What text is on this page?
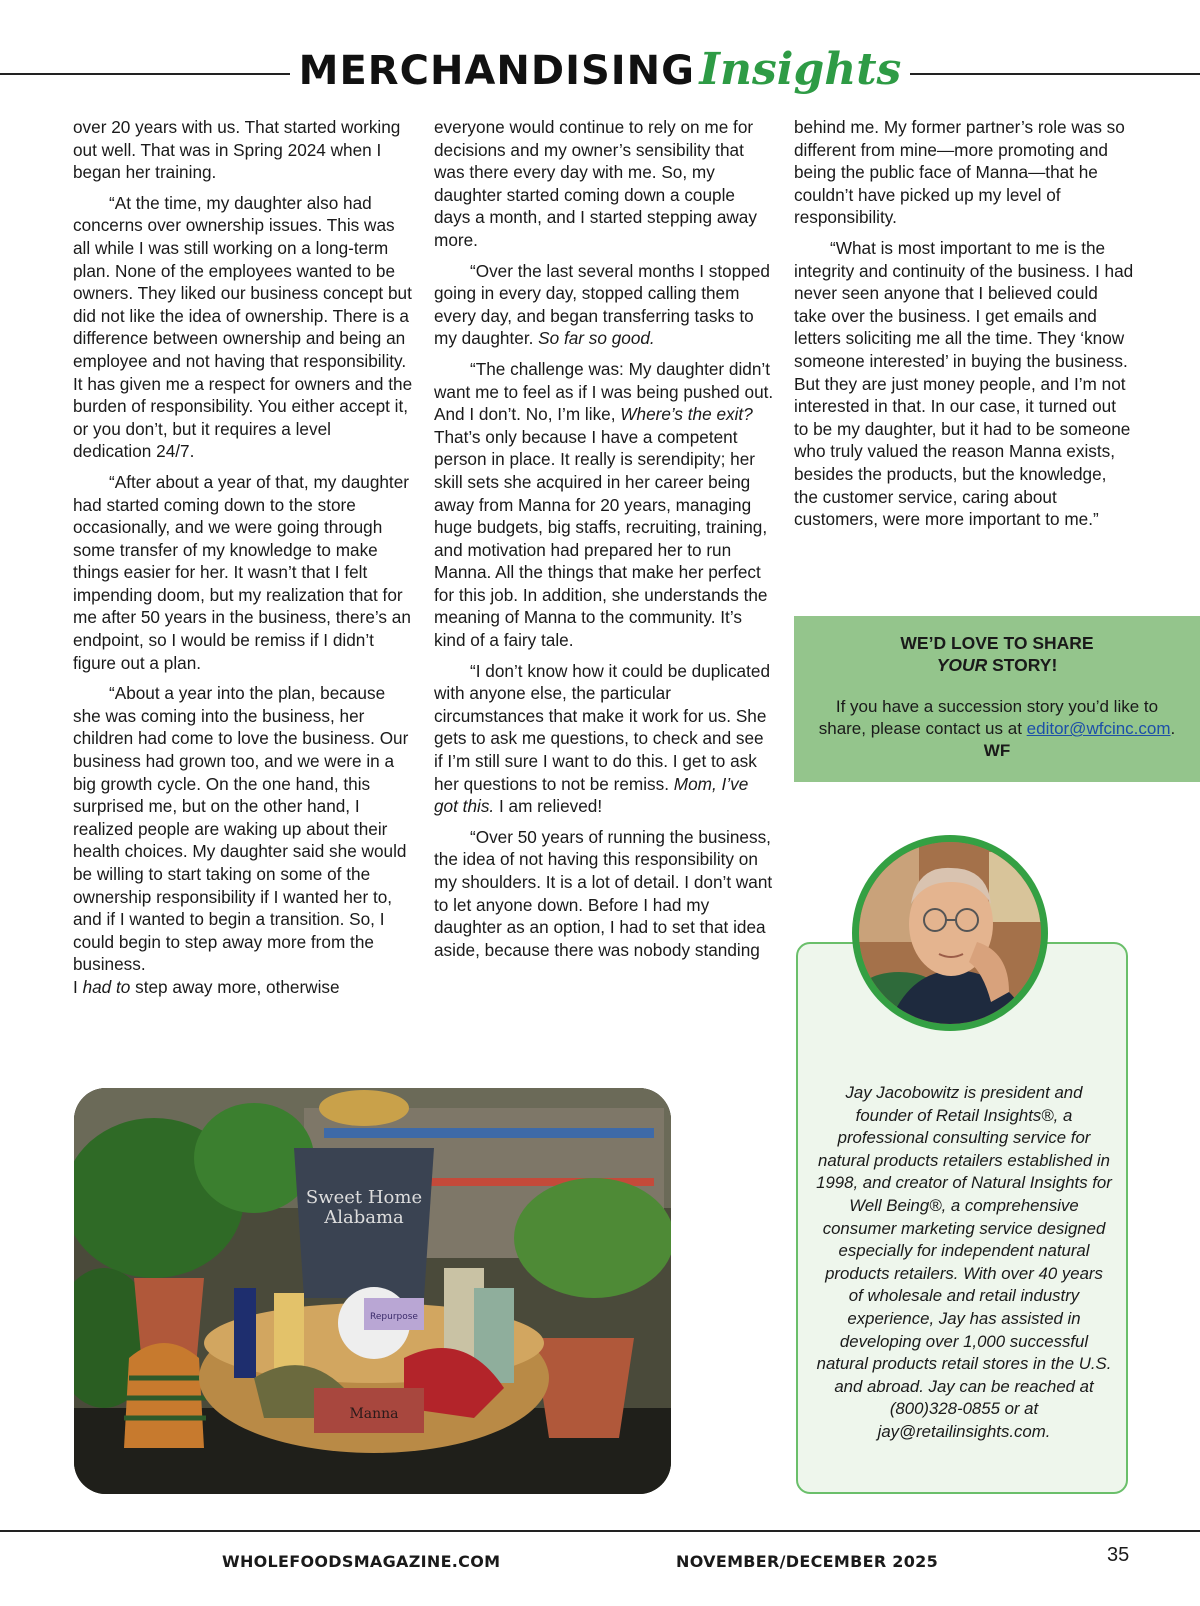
MERCHANDISING Insights

over 20 years with us. That started working out well. That was in Spring 2024 when I began her training.

“At the time, my daughter also had concerns over ownership issues. This was all while I was still working on a long-term plan. None of the employees wanted to be owners. They liked our business concept but did not like the idea of ownership. There is a difference between ownership and being an employee and not having that responsibility. It has given me a respect for owners and the burden of responsibility. You either accept it, or you don’t, but it requires a level dedication 24/7.

“After about a year of that, my daughter had started coming down to the store occasionally, and we were going through some transfer of my knowledge to make things easier for her. It wasn’t that I felt impending doom, but my realization that for me after 50 years in the business, there’s an endpoint, so I would be remiss if I didn’t figure out a plan.

“About a year into the plan, because she was coming into the business, her children had come to love the business. Our business had grown too, and we were in a big growth cycle. On the one hand, this surprised me, but on the other hand, I realized people are waking up about their health choices. My daughter said she would be willing to start taking on some of the ownership responsibility if I wanted her to, and if I wanted to begin a transition. So, I could begin to step away more from the business.
I had to step away more, otherwise

everyone would continue to rely on me for decisions and my owner’s sensibility that was there every day with me. So, my daughter started coming down a couple days a month, and I started stepping away more.

“Over the last several months I stopped going in every day, stopped calling them every day, and began transferring tasks to my daughter. So far so good.

“The challenge was: My daughter didn’t want me to feel as if I was being pushed out. And I don’t. No, I’m like, Where’s the exit? That’s only because I have a competent person in place. It really is serendipity; her skill sets she acquired in her career being away from Manna for 20 years, managing huge budgets, big staffs, recruiting, training, and motivation had prepared her to run Manna. All the things that make her perfect for this job. In addition, she understands the meaning of Manna to the community. It’s kind of a fairy tale.

“I don’t know how it could be duplicated with anyone else, the particular circumstances that make it work for us. She gets to ask me questions, to check and see if I’m still sure I want to do this. I get to ask her questions to not be remiss. Mom, I’ve got this. I am relieved!

“Over 50 years of running the business, the idea of not having this responsibility on my shoulders. It is a lot of detail. I don’t want to let anyone down. Before I had my daughter as an option, I had to set that idea aside, because there was nobody standing

behind me. My former partner’s role was so different from mine—more promoting and being the public face of Manna—that he couldn’t have picked up my level of responsibility.

“What is most important to me is the integrity and continuity of the business. I had never seen anyone that I believed could take over the business. I get emails and letters soliciting me all the time. They ‘know someone interested’ in buying the business. But they are just money people, and I’m not interested in that. In our case, it turned out to be my daughter, but it had to be someone who truly valued the reason Manna exists, besides the products, but the knowledge, the customer service, caring about customers, were more important to me.”

WE’D LOVE TO SHARE
YOUR STORY!
If you have a succession story you’d like to share, please contact us at editor@wfcinc.com. WF
Jay Jacobowitz is president and founder of Retail Insights®, a professional consulting service for natural products retailers established in 1998, and creator of Natural Insights for Well Being®, a comprehensive consumer marketing service designed especially for independent natural products retailers. With over 40 years of wholesale and retail industry experience, Jay has assisted in developing over 1,000 successful natural products retail stores in the U.S. and abroad. Jay can be reached at (800)328-0855 or at jay@retailinsights.com.
Sweet Home
Alabama
Repurpose
Manna
WHOLEFOODSMAGAZINE.COM	NOVEMBER/DECEMBER 2025	35
